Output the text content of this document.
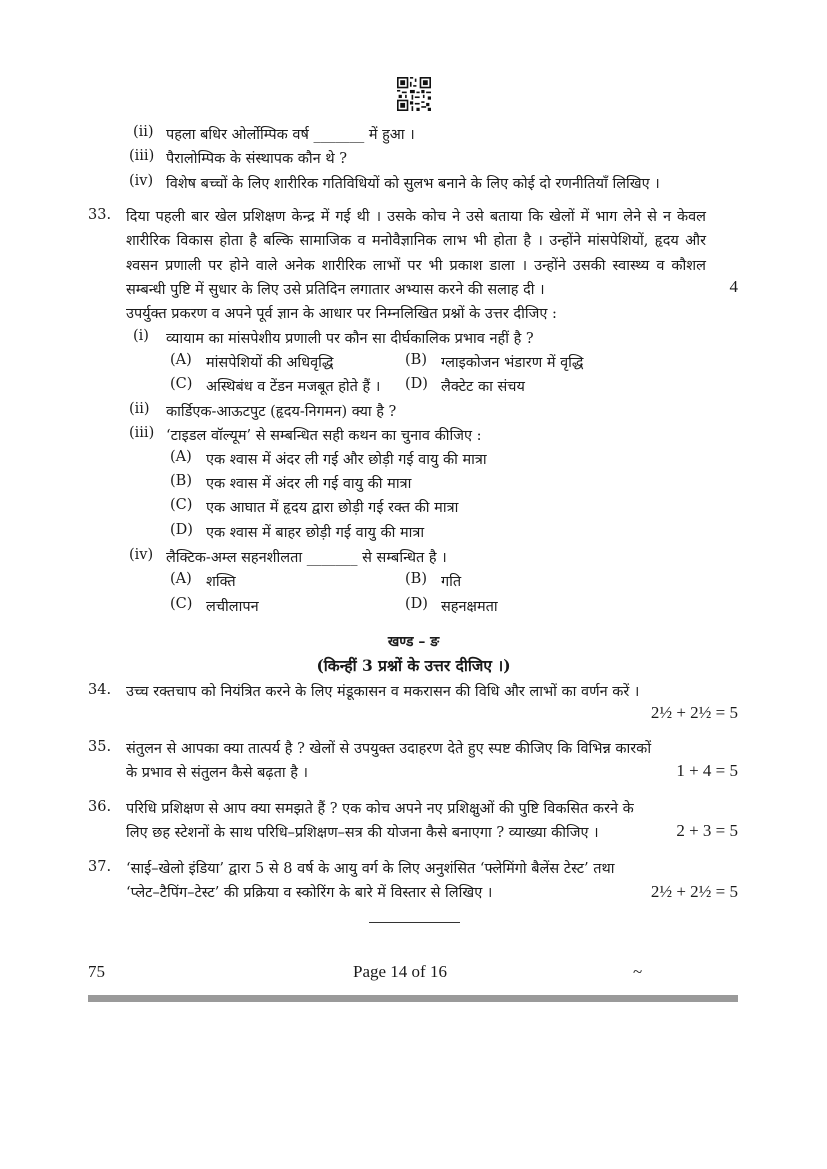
(ii) पहला बधिर ओर्लोम्पिक वर्ष _______ में हुआ ।
(iii) पैरालोम्पिक के संस्थापक कौन थे ?
(iv) विशेष बच्चों के लिए शारीरिक गतिविधियों को सुलभ बनाने के लिए कोई दो रणनीतियाँ लिखिए ।
33. दिया पहली बार खेल प्रशिक्षण केन्द्र में गई थी । उसके कोच ने उसे बताया कि खेलों में भाग लेने से न केवल शारीरिक विकास होता है बल्कि सामाजिक व मनोवैज्ञानिक लाभ भी होता है । उन्होंने मांसपेशियों, हृदय और श्वसन प्रणाली पर होने वाले अनेक शारीरिक लाभों पर भी प्रकाश डाला । उन्होंने उसकी स्वास्थ्य व कौशल सम्बन्धी पुष्टि में सुधार के लिए उसे प्रतिदिन लगातार अभ्यास करने की सलाह दी ।	4
उपर्युक्त प्रकरण व अपने पूर्व ज्ञान के आधार पर निम्नलिखित प्रश्नों के उत्तर दीजिए :
(i) व्यायाम का मांसपेशीय प्रणाली पर कौन सा दीर्घकालिक प्रभाव नहीं है ?
(A) मांसपेशियों की अधिवृद्धि	(B) ग्लाइकोजन भंडारण में वृद्धि
(C) अस्थिबंध व टेंडन मजबूत होते हैं । (D) लैक्टेट का संचय
(ii) कार्डिएक-आऊटपुट (हृदय-निगमन) क्या है ?
(iii) ‘टाइडल वॉल्यूम’ से सम्बन्धित सही कथन का चुनाव कीजिए :
(A) एक श्वास में अंदर ली गई और छोड़ी गई वायु की मात्रा
(B) एक श्वास में अंदर ली गई वायु की मात्रा
(C) एक आघात में हृदय द्वारा छोड़ी गई रक्त की मात्रा
(D) एक श्वास में बाहर छोड़ी गई वायु की मात्रा
(iv) लैक्टिक-अम्ल सहनशीलता _______ से सम्बन्धित है ।
(A) शक्ति	(B) गति
(C) लचीलापन	(D) सहनक्षमता
खण्ड – ङ
(किन्हीं 3 प्रश्नों के उत्तर दीजिए ।)
34. उच्च रक्तचाप को नियंत्रित करने के लिए मंडूकासन व मकरासन की विधि और लाभों का वर्णन करें ।
2½ + 2½ = 5
35. संतुलन से आपका क्या तात्पर्य है ? खेलों से उपयुक्त उदाहरण देते हुए स्पष्ट कीजिए कि विभिन्न कारकों के प्रभाव से संतुलन कैसे बढ़ता है ।	1 + 4 = 5
36. परिधि प्रशिक्षण से आप क्या समझते हैं ? एक कोच अपने नए प्रशिक्षुओं की पुष्टि विकसित करने के लिए छह स्टेशनों के साथ परिधि–प्रशिक्षण–सत्र की योजना कैसे बनाएगा ? व्याख्या कीजिए ।	2 + 3 = 5
37. ‘साई–खेलो इंडिया’ द्वारा 5 से 8 वर्ष के आयु वर्ग के लिए अनुशंसित ‘फ्लेमिंगो बैलेंस टेस्ट’ तथा ‘प्लेट–टैपिंग–टेस्ट’ की प्रक्रिया व स्कोरिंग के बारे में विस्तार से लिखिए ।	2½ + 2½ = 5
75	Page 14 of 16	~
